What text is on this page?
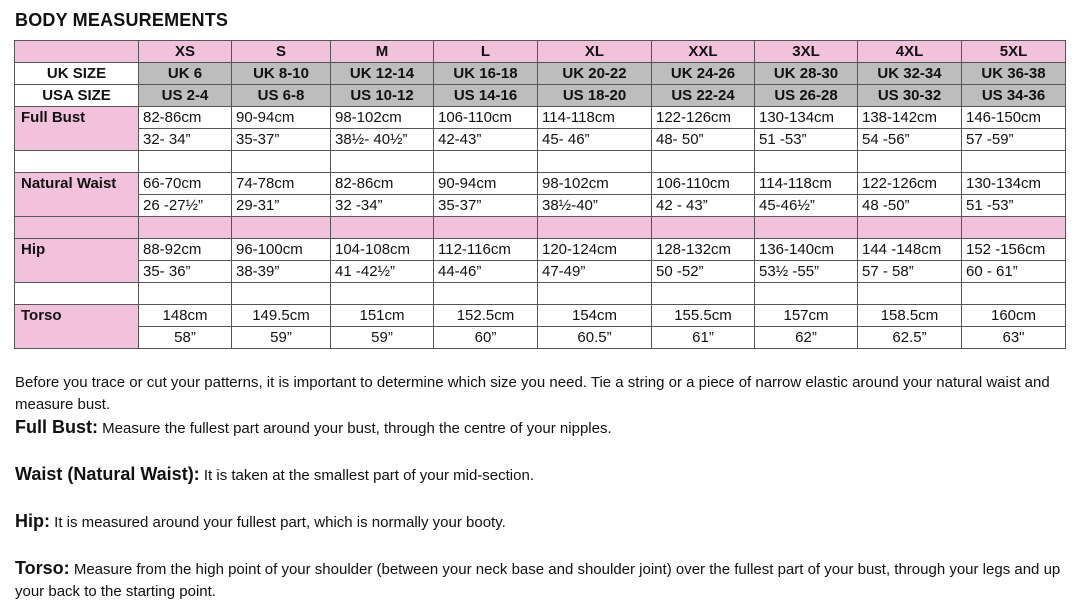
BODY MEASUREMENTS
	XS	S	M	L	XL	XXL	3XL	4XL	5XL
UK SIZE	UK 6	UK 8-10	UK 12-14	UK 16-18	UK 20-22	UK 24-26	UK 28-30	UK 32-34	UK 36-38
USA SIZE	US 2-4	US 6-8	US 10-12	US 14-16	US 18-20	US 22-24	US 26-28	US 30-32	US 34-36
Full Bust	82-86cm	90-94cm	98-102cm	106-110cm	114-118cm	122-126cm	130-134cm	138-142cm	146-150cm
	32- 34”	35-37”	38½- 40½”	42-43”	45- 46”	48- 50”	51 -53”	54 -56”	57 -59”

Natural Waist	66-70cm	74-78cm	82-86cm	90-94cm	98-102cm	106-110cm	114-118cm	122-126cm	130-134cm
	26 -27½”	29-31”	32 -34”	35-37”	38½-40”	42 - 43”	45-46½”	48 -50”	51 -53”

Hip	88-92cm	96-100cm	104-108cm	112-116cm	120-124cm	128-132cm	136-140cm	144 -148cm	152 -156cm
	35- 36”	38-39”	41 -42½”	44-46”	47-49”	50 -52”	53½ -55”	57 - 58”	60 - 61”

Torso	148cm	149.5cm	151cm	152.5cm	154cm	155.5cm	157cm	158.5cm	160cm
	58”	59”	59”	60”	60.5”	61”	62”	62.5”	63"

Before you trace or cut your patterns, it is important to determine which size you need. Tie a string or a piece of narrow elastic around your natural waist and measure bust.

Full Bust: Measure the fullest part around your bust, through the centre of your nipples.

Waist (Natural Waist): It is taken at the smallest part of your mid-section.

Hip: It is measured around your fullest part, which is normally your booty.

Torso: Measure from the high point of your shoulder (between your neck base and shoulder joint) over the fullest part of your bust, through your legs and up your back to the starting point.
